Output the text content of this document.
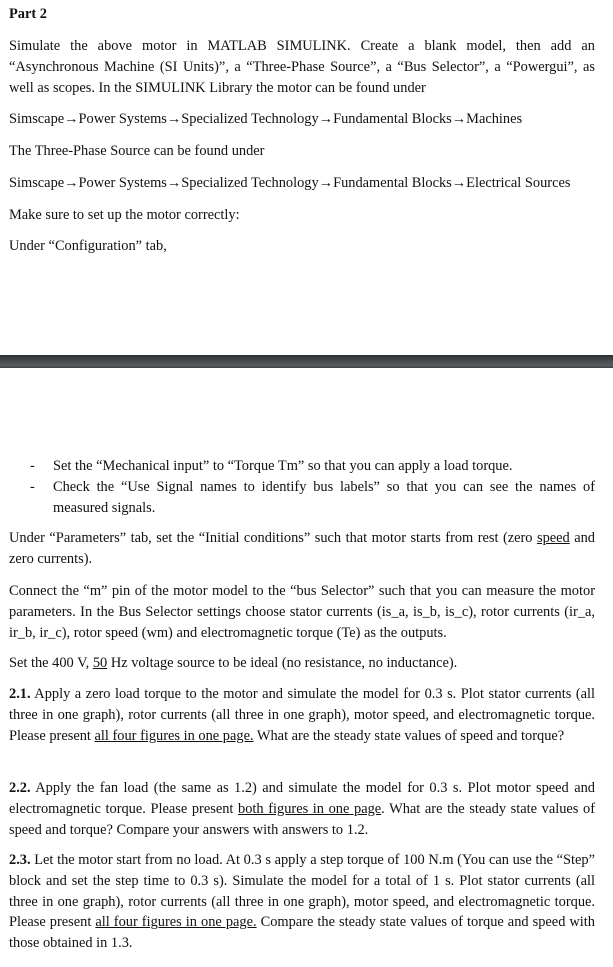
Part 2
Simulate the above motor in MATLAB SIMULINK. Create a blank model, then add an “Asynchronous Machine (SI Units)”, a “Three-Phase Source”, a “Bus Selector”, a “Powergui”, as well as scopes. In the SIMULINK Library the motor can be found under
Simscape→Power Systems→Specialized Technology→Fundamental Blocks→Machines
The Three-Phase Source can be found under
Simscape→Power Systems→Specialized Technology→Fundamental Blocks→Electrical Sources
Make sure to set up the motor correctly:
Under “Configuration” tab,
- Set the “Mechanical input” to “Torque Tm” so that you can apply a load torque.
- Check the “Use Signal names to identify bus labels” so that you can see the names of measured signals.
Under “Parameters” tab, set the “Initial conditions” such that motor starts from rest (zero speed and zero currents).
Connect the “m” pin of the motor model to the “bus Selector” such that you can measure the motor parameters. In the Bus Selector settings choose stator currents (is_a, is_b, is_c), rotor currents (ir_a, ir_b, ir_c), rotor speed (wm) and electromagnetic torque (Te) as the outputs.
Set the 400 V, 50 Hz voltage source to be ideal (no resistance, no inductance).
2.1. Apply a zero load torque to the motor and simulate the model for 0.3 s. Plot stator currents (all three in one graph), rotor currents (all three in one graph), motor speed, and electromagnetic torque. Please present all four figures in one page. What are the steady state values of speed and torque?
2.2. Apply the fan load (the same as 1.2) and simulate the model for 0.3 s. Plot motor speed and electromagnetic torque. Please present both figures in one page. What are the steady state values of speed and torque? Compare your answers with answers to 1.2.
2.3. Let the motor start from no load. At 0.3 s apply a step torque of 100 N.m (You can use the “Step” block and set the step time to 0.3 s). Simulate the model for a total of 1 s. Plot stator currents (all three in one graph), rotor currents (all three in one graph), motor speed, and electromagnetic torque. Please present all four figures in one page. Compare the steady state values of torque and speed with those obtained in 1.3.
